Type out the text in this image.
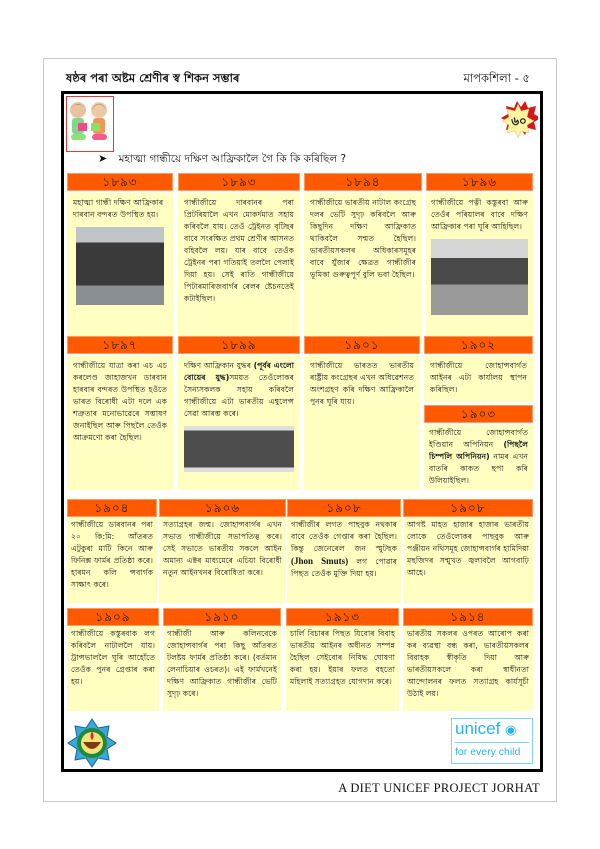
ষষ্ঠৰ পৰা অষ্টম শ্ৰেণীৰ স্ব শিকন সম্ভাৰ	মাপকশিলা - ৫
৬০
➤ মহাত্মা গান্ধীয়ে দক্ষিণ আফ্ৰিকালৈ গৈ কি কি কৰিছিল ?
১৮৯৩
মহাত্মা গান্ধী দক্ষিণ আফ্ৰিকাৰ দাৰবান বন্দৰত উপস্থিত হয়।
১৮৯৩
গান্ধীজীয়ে দাৰবানৰ পৰা প্ৰিটৰিয়ালৈ এখন মোকৰ্দমাত সহায় কৰিবলৈ যায়। তেওঁ ট্ৰেইনত বৃটিছৰ বাবে সংৰক্ষিত প্ৰথম শ্ৰেণীৰ আসনত বহিবলৈ লয়। যাৰ বাবে তেওঁক ট্ৰেইনৰ পৰা গতিয়াই তললৈ পেলাই দিয়া হয়। সেই ৰাতি গান্ধীজীয়ে পিটাৰমাৰিজবাৰ্গৰ ৰেলৰ ষ্টেচনতেই কটাইছিল।
১৮৯৪
গান্ধীজীয়ে ভাৰতীয় নাটাল কংগ্ৰেছ দলৰ ভেটি সুদৃঢ় কৰিবলৈ আৰু কিছুদিন দক্ষিণ আফ্ৰিকাত থাকিবলৈ সন্মত হৈছিল। ভাৰতীয়সকলৰ অধিকাৰসমূহৰ বাবে যুঁজাৰ ক্ষেত্ৰত গান্ধীজীৰ ভূমিকা গুৰুত্বপূৰ্ণ বুলি ভবা হৈছিল।
১৮৯৬
গান্ধীজীয়ে পত্নী কস্তুৰবা আৰু তেওঁৰ পৰিয়ালৰ বাবে দক্ষিণ আফ্ৰিকাৰ পৰা ঘূৰি আহিছিল।
১৮৯৭
গান্ধীজীয়ে যাত্ৰা কৰা এচ এচ কৰলেণ্ড জাহাজখন ডাৰবান হাৰবাৰ বন্দৰত উপস্থিত হওঁতে ভাৰত বিৰোধী এটা দলে এক শত্ৰুতাৰ মনোভাৱেৰে সম্ভাষণ জনাইছিল আৰু পিছলৈ তেওঁক আক্ৰমণো কৰা হৈছিল।
১৮৯৯
দক্ষিণ আফ্ৰিকান যুদ্ধৰ (পূৰ্বৰ এংলো বোয়েৰ যুদ্ধ)সময়ত তেওঁলোকৰ সৈন্যসকলক সহায় কৰিবলৈ গান্ধীজীয়ে এটা ভাৰতীয় এম্বুলেন্স সেৱা আৰম্ভ কৰে।
১৯০১
গান্ধীজীয়ে ভাৰতত ভাৰতীয় ৰাষ্ট্ৰীয় কংগ্ৰেছৰ এখন অধিৱেশনত অংশগ্ৰহণ কৰি দক্ষিণ আফ্ৰিকালৈ পুনৰ ঘূৰি যায়।
১৯০২
গান্ধীজীয়ে জোহান্সবাৰ্গত আইনৰ এটা কাৰ্যালয় স্থাপন কৰিছিল।
১৯০৩
গান্ধীজীয়ে জোহান্সবাৰ্গত ইণ্ডিয়ান অপিনিয়ন (পিছলৈ চিম্পলি অপিনিয়ন) নামৰ এখন বাতৰি কাকত ছপা কৰি উলিয়াইছিল।
১৯০৪
গান্ধীজীয়ে ডাৰবানৰ পৰা ২০ কি:মি: আঁতৰত এটুকুৰা মাটি কিনে আৰু ফিনিক্স ফাৰ্মৰ প্ৰতিষ্ঠা কৰে। হাৰমন কলি ন্সবাৰ্গক সাক্ষাৎ কৰে।
১৯০৬
সত্যাগ্ৰহৰ জন্ম। জোহান্সবাৰ্গৰ এখন সভাত গান্ধীজীয়ে সভাপতিত্ব কৰে। সেই সভাতে ভাৰতীয় সকলে আইন অমান্য এক্টৰ মাধ্যমেৰে এচিয়া বিৰোধী নতুন আইনখনৰ বিৰোধিতা কৰে।
১৯০৮
গান্ধীজীৰ লগত পাছবুক নথকাৰ বাবে তেওঁক গেপ্তাৰ কৰা হৈছিল। কিন্তু জেনেৰেল জন স্মুটছক (Jhon Smuts) লগ পোৱাৰ পিছত তেওঁক মুক্তি দিয়া হয়।
১৯০৮
আগষ্ট মাহত হাজাৰ হাজাৰ ভাৰতীয় লোকে তেওঁলোকৰ পাছবুক আৰু পঞ্জীয়ন নথিসমূহ জোহান্সবাৰ্গৰ হামিদিয়া মছজিদৰ সন্মুখত জ্বলাবলৈ আগবাঢ়ি আহে।
১৯০৯
গান্ধীজীয়ে কস্তুৰবাক লগ কৰিবলৈ নাটাললৈ যায়। ট্ৰান্সভাললৈ ঘূৰি আহোঁতে তেওঁক পুনৰ গ্ৰেপ্তাৰ কৰা হয়।
১৯১০
গান্ধীজী আৰু কলিনবেকে জোহান্সবাৰ্গৰ পৰা কিছু আঁতৰত টলষ্টয় ফাৰ্মৰ প্ৰতিষ্ঠা কৰে। (বৰ্তমান লেনাচিয়াৰ ওচৰত)। এই ফাৰ্মখনেই দক্ষিণ আফ্ৰিকাত গান্ধীজীৰ ভেটি সুদৃঢ় কৰে।
১৯১৩
চাৰ্লি বিচাৰৰ পিছত যিবোৰ বিবাহ ভাৰতীয় আইনৰ অধীনত সম্পন্ন হৈছিল সেইবোৰ নিষিদ্ধ ঘোষণা কৰা হয়। ইয়াৰ ফলত বহতো মহিলাই সত্যাগ্ৰহত যোগদান কৰে।
১৯১৪
ভাৰতীয় সকলৰ ওপৰত আৰোপ কৰা কৰ ব্যৱস্থা বন্ধ কৰা, ভাৰতীয়সকলৰ বিবাহক স্বীকৃতি দিয়া আৰু ভাৰতীয়সকলে কৰা স্বাধীনতা আন্দোলনৰ ফলত সত্যাগ্ৰহ কাৰ্যসূচী উঠাই লয়।
unicef ◉
for every child
A DIET UNICEF PROJECT JORHAT
